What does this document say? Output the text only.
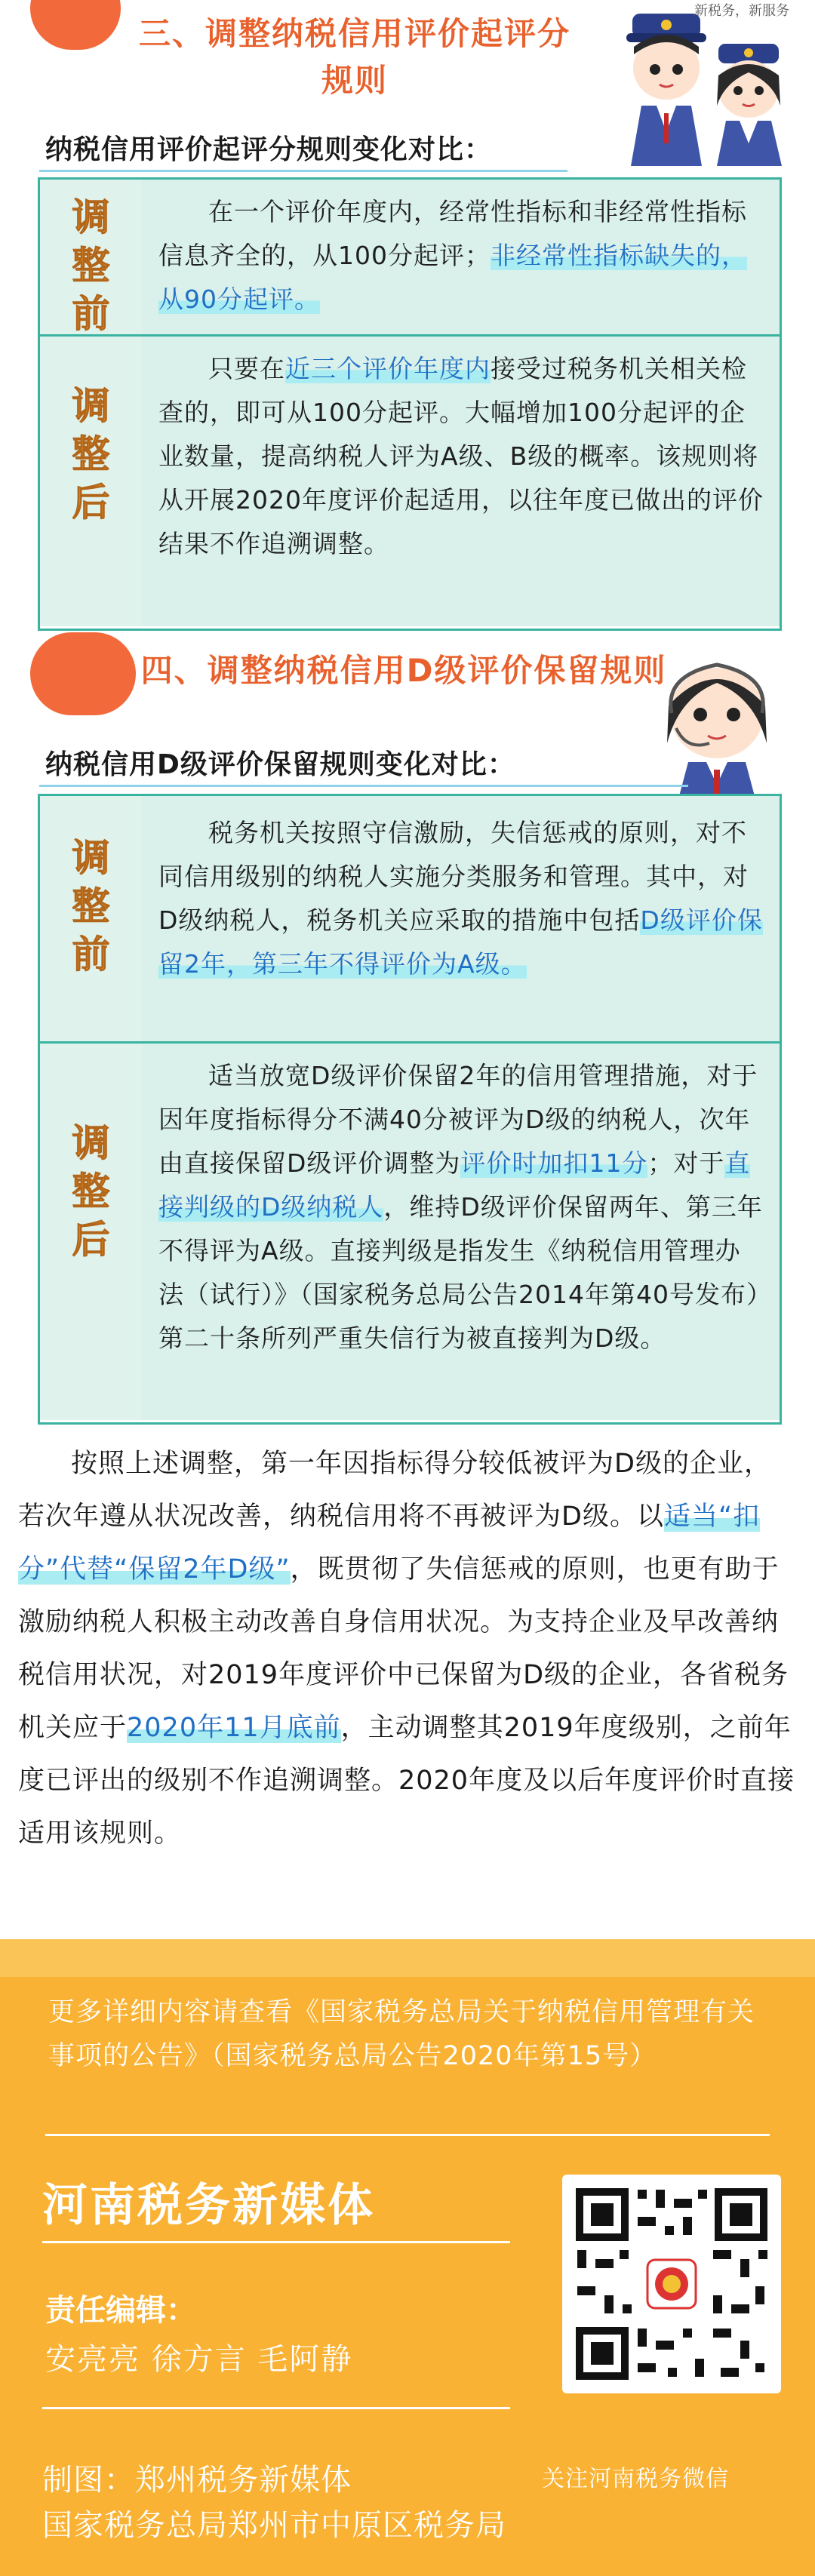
三、调整纳税信用评价起评分规则
新税务，新服务
纳税信用评价起评分规则变化对比：
调整前
在一个评价年度内，经常性指标和非经常性指标信息齐全的，从100分起评；非经常性指标缺失的，从90分起评。
调整后
只要在近三个评价年度内接受过税务机关相关检查的，即可从100分起评。大幅增加100分起评的企业数量，提高纳税人评为A级、B级的概率。该规则将从开展2020年度评价起适用，以往年度已做出的评价结果不作追溯调整。
四、调整纳税信用D级评价保留规则
纳税信用D级评价保留规则变化对比：
调整前
税务机关按照守信激励，失信惩戒的原则，对不同信用级别的纳税人实施分类服务和管理。其中，对D级纳税人，税务机关应采取的措施中包括D级评价保留2年，第三年不得评价为A级。
调整后
适当放宽D级评价保留2年的信用管理措施，对于因年度指标得分不满40分被评为D级的纳税人，次年由直接保留D级评价调整为评价时加扣11分；对于直接判级的D级纳税人，维持D级评价保留两年、第三年不得评为A级。直接判级是指发生《纳税信用管理办法（试行）》（国家税务总局公告2014年第40号发布）第二十条所列严重失信行为被直接判为D级。
按照上述调整，第一年因指标得分较低被评为D级的企业，若次年遵从状况改善，纳税信用将不再被评为D级。以适当“扣分”代替“保留2年D级”，既贯彻了失信惩戒的原则，也更有助于激励纳税人积极主动改善自身信用状况。为支持企业及早改善纳税信用状况，对2019年度评价中已保留为D级的企业，各省税务机关应于2020年11月底前，主动调整其2019年度级别，之前年度已评出的级别不作追溯调整。2020年度及以后年度评价时直接适用该规则。
更多详细内容请查看《国家税务总局关于纳税信用管理有关事项的公告》（国家税务总局公告2020年第15号）
河南税务新媒体
责任编辑：
安亮亮 徐方言 毛阿静
制图：郑州税务新媒体
国家税务总局郑州市中原区税务局
关注河南税务微信
